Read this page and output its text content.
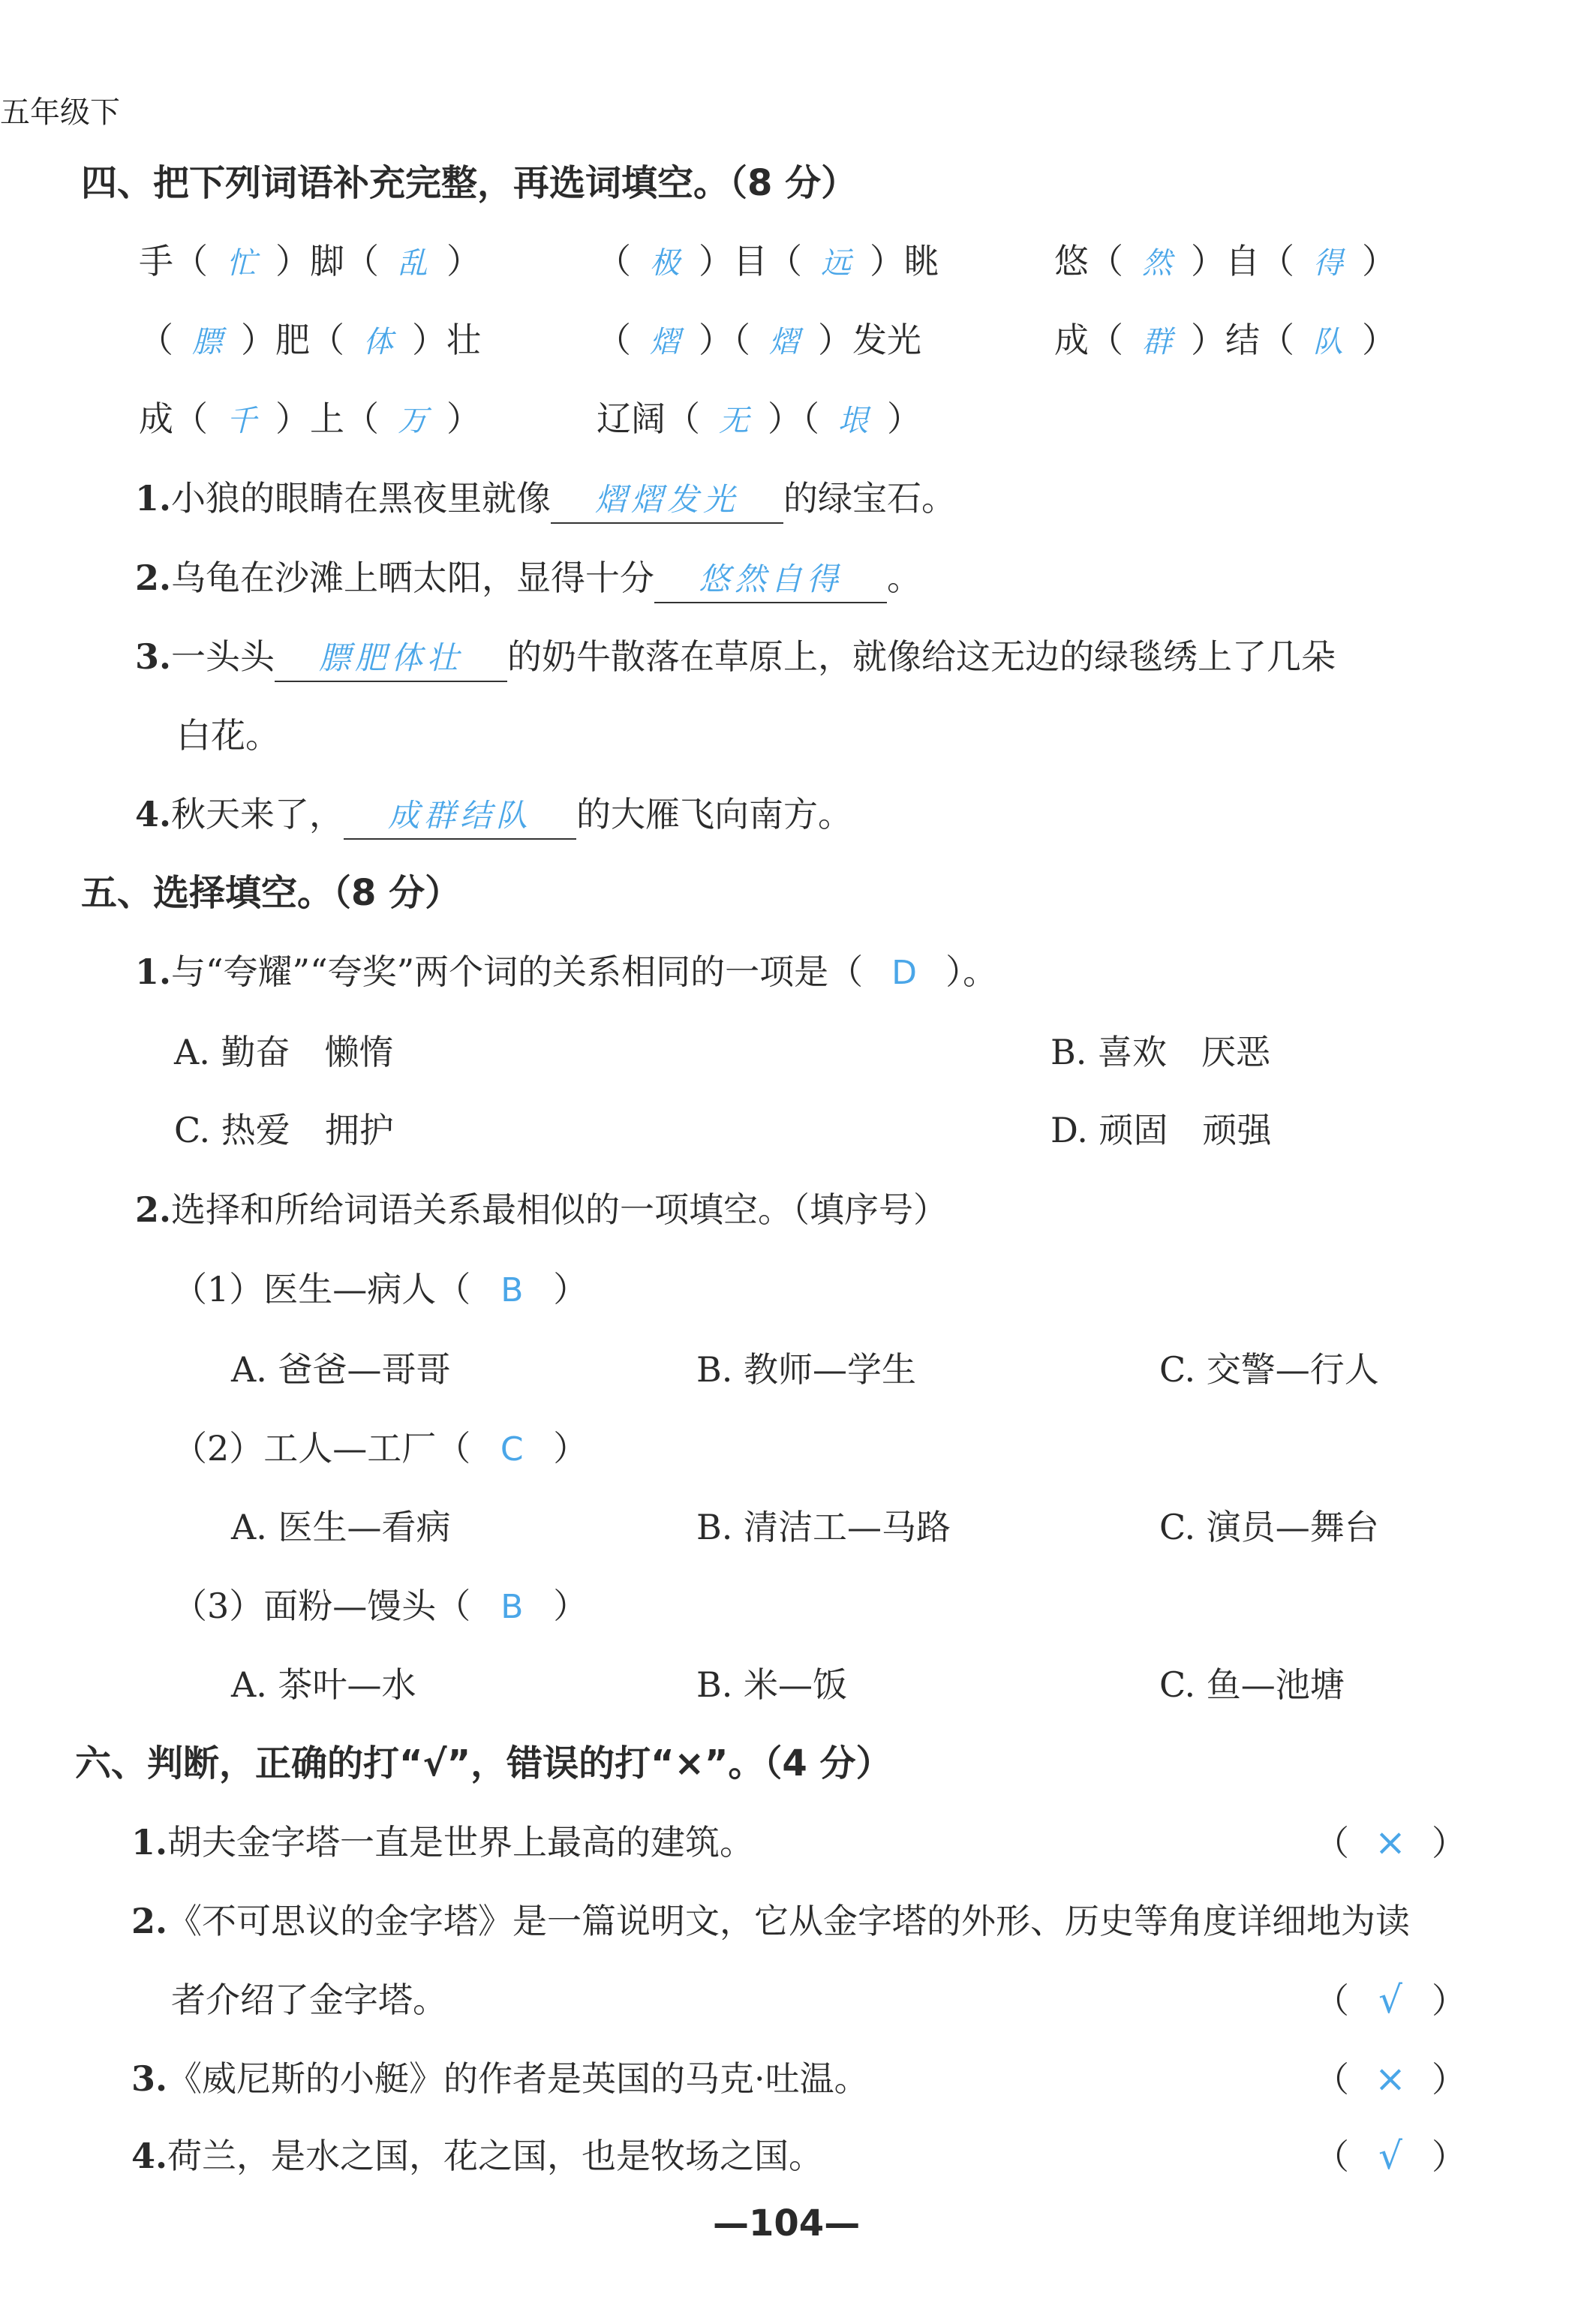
五年级下
四、把下列词语补充完整，再选词填空。（8 分）
手（ 忙 ）脚（ 乱 ）	（ 极 ）目（ 远 ）眺	悠（ 然 ）自（ 得 ）
（ 膘 ）肥（ 体 ）壮	（ 熠 ）（ 熠 ）发光	成（ 群 ）结（ 队 ）
成（ 千 ）上（ 万 ）	辽阔（ 无 ）（ 垠 ）
1.小狼的眼睛在黑夜里就像 熠熠发光 的绿宝石。
2.乌龟在沙滩上晒太阳，显得十分 悠然自得 。
3.一头头 膘肥体壮 的奶牛散落在草原上，就像给这无边的绿毯绣上了几朵
白花。
4.秋天来了， 成群结队 的大雁飞向南方。
五、选择填空。（8 分）
1.与“夸耀”“夸奖”两个词的关系相同的一项是（ D ）。
A. 勤奋　懒惰	B. 喜欢　厌恶
C. 热爱　拥护	D. 顽固　顽强
2.选择和所给词语关系最相似的一项填空。（填序号）
（1）医生—病人（ B ）
A. 爸爸—哥哥	B. 教师—学生	C. 交警—行人
（2）工人—工厂（ C ）
A. 医生—看病	B. 清洁工—马路	C. 演员—舞台
（3）面粉—馒头（ B ）
A. 茶叶—水	B. 米—饭	C. 鱼—池塘
六、判断，正确的打“√”，错误的打“×”。（4 分）
1.胡夫金字塔一直是世界上最高的建筑。	（ × ）
2.《不可思议的金字塔》是一篇说明文，它从金字塔的外形、历史等角度详细地为读
者介绍了金字塔。	（ √ ）
3.《威尼斯的小艇》的作者是英国的马克·吐温。	（ × ）
4.荷兰，是水之国，花之国，也是牧场之国。	（ √ ）
—104—
